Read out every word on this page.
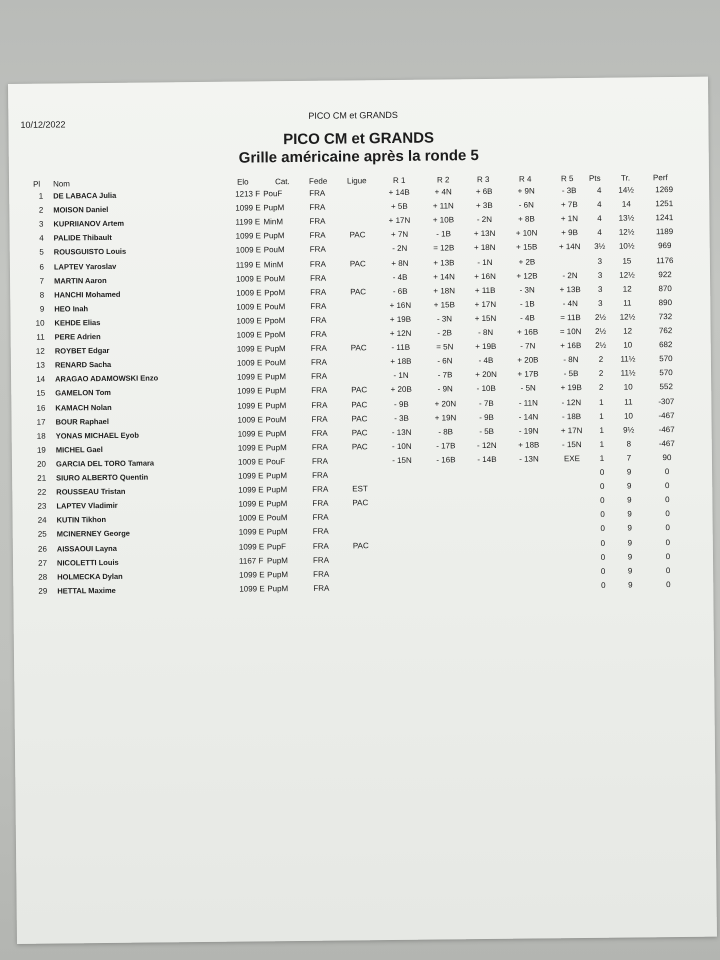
10/12/2022
PICO CM et GRANDS
PICO CM et GRANDS
Grille américaine après la ronde 5
Pl Nom	Elo	Cat. Fede Ligue	R 1	R 2	R 3	R 4	R 5 Pts	Tr.	Perf
1 DE LABACA Julia	1213 F PouF	FRA	+ 14B	+ 4N	+ 6B	+ 9N	- 3B	4	14½	1269
2 MOISON Daniel	1099 E PupM	FRA	+ 5B	+ 11N	+ 3B	- 6N	+ 7B	4	14	1251
3 KUPRIIANOV Artem	1199 E MinM	FRA	+ 17N	+ 10B	- 2N	+ 8B	+ 1N	4	13½	1241
4 PALIDE Thibault	1099 E PupM	FRA	PAC	+ 7N	- 1B	+ 13N	+ 10N	+ 9B	4	12½	1189
5 ROUSGUISTO Louis	1009 E PouM	FRA	- 2N	= 12B	+ 18N	+ 15B	+ 14N	3½	10½	969
6 LAPTEV Yaroslav	1199 E MinM	FRA	PAC	+ 8N	+ 13B	- 1N	+ 2B	3	15	1176
7 MARTIN Aaron	1009 E PouM	FRA	- 4B	+ 14N	+ 16N	+ 12B	- 2N	3	12½	922
8 HANCHI Mohamed	1009 E PpoM	FRA	PAC	- 6B	+ 18N	+ 11B	- 3N	+ 13B	3	12	870
9 HEO Inah	1009 E PouM	FRA	+ 16N	+ 15B	+ 17N	- 1B	- 4N	3	11	890
10 KEHDE Elias	1009 E PpoM	FRA	+ 19B	- 3N	+ 15N	- 4B	= 11B	2½	12½	732
11 PERE Adrien	1009 E PpoM	FRA	+ 12N	- 2B	- 8N	+ 16B	= 10N	2½	12	762
12 ROYBET Edgar	1099 E PupM	FRA	PAC	- 11B	= 5N	+ 19B	- 7N	+ 16B	2½	10	682
13 RENARD Sacha	1009 E PouM	FRA	+ 18B	- 6N	- 4B	+ 20B	- 8N	2	11½	570
14 ARAGAO ADAMOWSKI Enzo	1099 E PupM	FRA	- 1N	- 7B	+ 20N	+ 17B	- 5B	2	11½	570
15 GAMELON Tom	1099 E PupM	FRA	PAC	+ 20B	- 9N	- 10B	- 5N	+ 19B	2	10	552
16 KAMACH Nolan	1099 E PupM	FRA	PAC	- 9B	+ 20N	- 7B	- 11N	- 12N	1	11	-307
17 BOUR Raphael	1009 E PouM	FRA	PAC	- 3B	+ 19N	- 9B	- 14N	- 18B	1	10	-467
18 YONAS MICHAEL Eyob	1099 E PupM	FRA	PAC	- 13N	- 8B	- 5B	- 19N	+ 17N	1	9½	-467
19 MICHEL Gael	1099 E PupM	FRA	PAC	- 10N	- 17B	- 12N	+ 18B	- 15N	1	8	-467
20 GARCIA DEL TORO Tamara	1009 E PouF	FRA	- 15N	- 16B	- 14B	- 13N	EXE	1	7	90
21 SIURO ALBERTO Quentin	1099 E PupM	FRA	0	9	0
22 ROUSSEAU Tristan	1099 E PupM	FRA	EST	0	9	0
23 LAPTEV Vladimir	1099 E PupM	FRA	PAC	0	9	0
24 KUTIN Tikhon	1009 E PouM	FRA	0	9	0
25 MCINERNEY George	1099 E PupM	FRA	0	9	0
26 AISSAOUI Layna	1099 E PupF	FRA	PAC	0	9	0
27 NICOLETTI Louis	1167 F PupM	FRA	0	9	0
28 HOLMECKA Dylan	1099 E PupM	FRA	0	9	0
29 HETTAL Maxime	1099 E PupM	FRA	0	9	0
